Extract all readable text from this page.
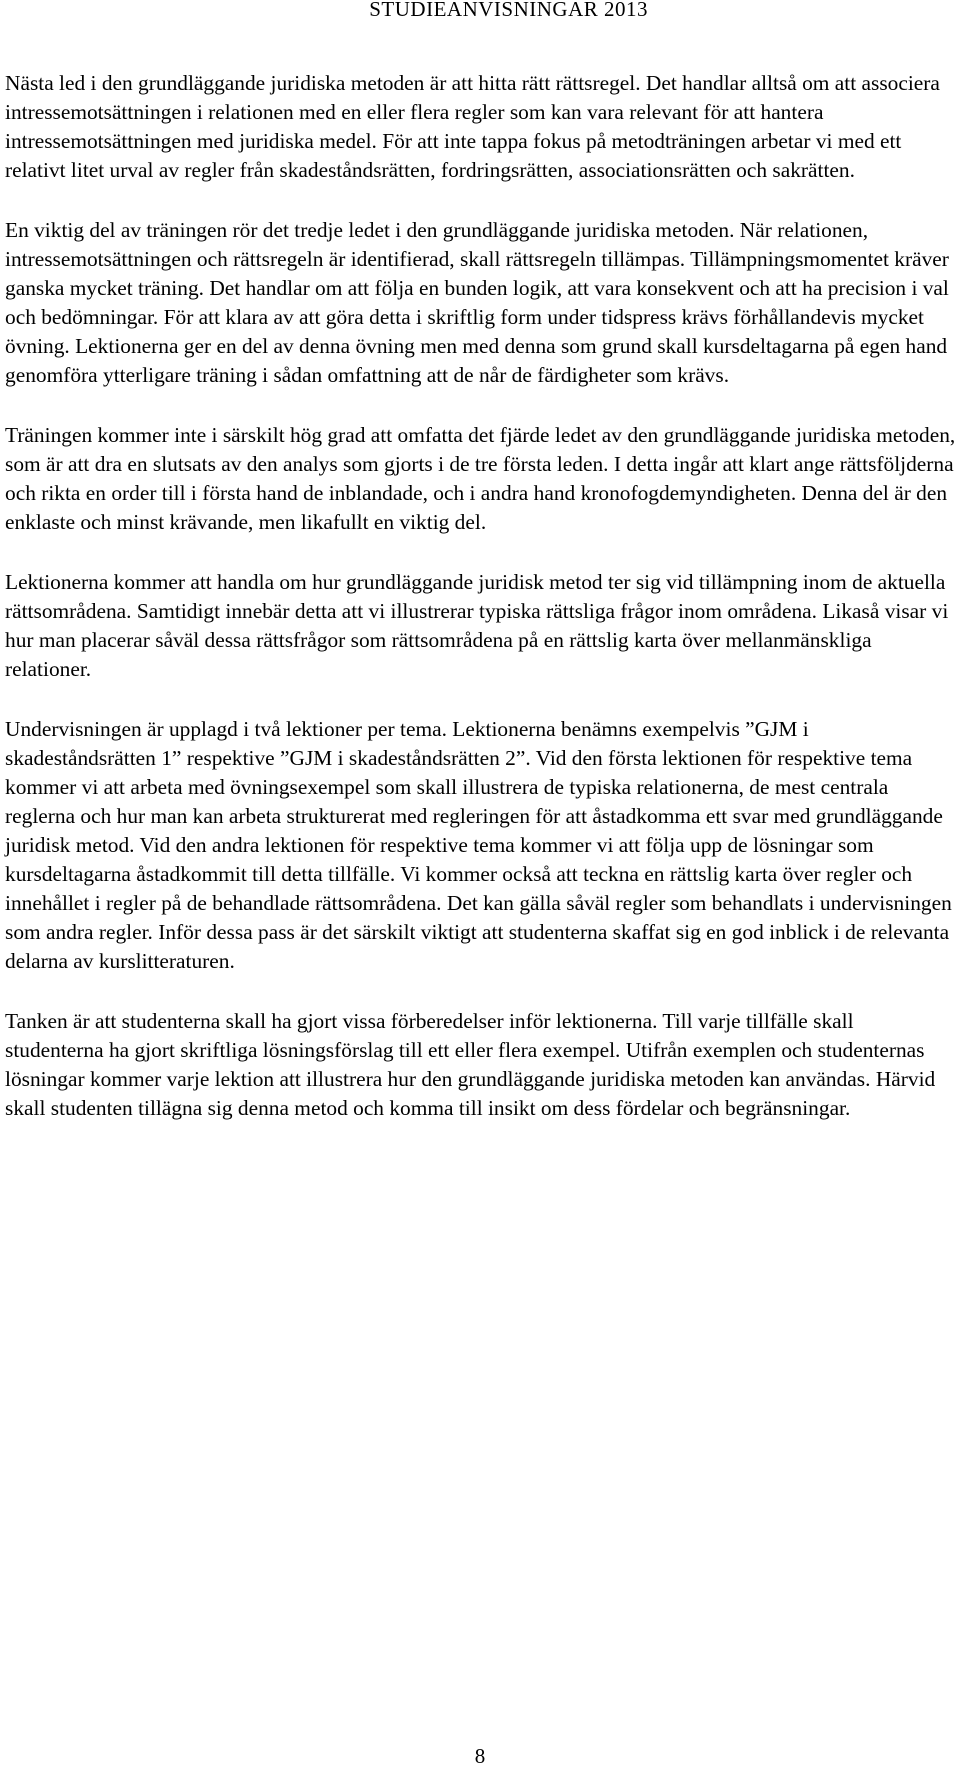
STUDIEANVISNINGAR 2013

Nästa led i den grundläggande juridiska metoden är att hitta rätt rättsregel. Det handlar alltså om att associera intressemotsättningen i relationen med en eller flera regler som kan vara relevant för att hantera intressemotsättningen med juridiska medel. För att inte tappa fokus på metodträningen arbetar vi med ett relativt litet urval av regler från skadeståndsrätten, fordringsrätten, associationsrätten och sakrätten.

En viktig del av träningen rör det tredje ledet i den grundläggande juridiska metoden. När relationen, intressemotsättningen och rättsregeln är identifierad, skall rättsregeln tillämpas. Tillämpningsmomentet kräver ganska mycket träning. Det handlar om att följa en bunden logik, att vara konsekvent och att ha precision i val och bedömningar. För att klara av att göra detta i skriftlig form under tidspress krävs förhållandevis mycket övning. Lektionerna ger en del av denna övning men med denna som grund skall kursdeltagarna på egen hand genomföra ytterligare träning i sådan omfattning att de når de färdigheter som krävs.

Träningen kommer inte i särskilt hög grad att omfatta det fjärde ledet av den grundläggande juridiska metoden, som är att dra en slutsats av den analys som gjorts i de tre första leden. I detta ingår att klart ange rättsföljderna och rikta en order till i första hand de inblandade, och i andra hand kronofogdemyndigheten. Denna del är den enklaste och minst krävande, men likafullt en viktig del.

Lektionerna kommer att handla om hur grundläggande juridisk metod ter sig vid tillämpning inom de aktuella rättsområdena. Samtidigt innebär detta att vi illustrerar typiska rättsliga frågor inom områdena. Likaså visar vi hur man placerar såväl dessa rättsfrågor som rättsområdena på en rättslig karta över mellanmänskliga relationer.

Undervisningen är upplagd i två lektioner per tema. Lektionerna benämns exempelvis ”GJM i skadeståndsrätten 1” respektive ”GJM i skadeståndsrätten 2”. Vid den första lektionen för respektive tema kommer vi att arbeta med övningsexempel som skall illustrera de typiska relationerna, de mest centrala reglerna och hur man kan arbeta strukturerat med regleringen för att åstadkomma ett svar med grundläggande juridisk metod. Vid den andra lektionen för respektive tema kommer vi att följa upp de lösningar som kursdeltagarna åstadkommit till detta tillfälle. Vi kommer också att teckna en rättslig karta över regler och innehållet i regler på de behandlade rättsområdena. Det kan gälla såväl regler som behandlats i undervisningen som andra regler. Inför dessa pass är det särskilt viktigt att studenterna skaffat sig en god inblick i de relevanta delarna av kurslitteraturen.

Tanken är att studenterna skall ha gjort vissa förberedelser inför lektionerna. Till varje tillfälle skall studenterna ha gjort skriftliga lösningsförslag till ett eller flera exempel. Utifrån exemplen och studenternas lösningar kommer varje lektion att illustrera hur den grundläggande juridiska metoden kan användas. Härvid skall studenten tillägna sig denna metod och komma till insikt om dess fördelar och begränsningar.

8
